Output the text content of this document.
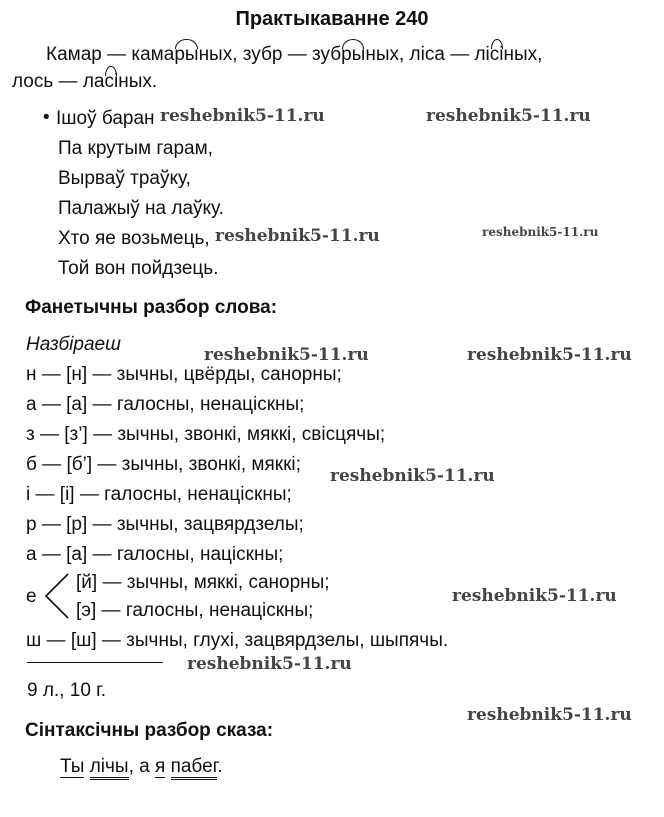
Практыкаванне 240
Камар — камарыных, зубр — зубрыных, ліса — лісіных,
лось — ласіных.
• Ішоў баран
Па крутым гарам,
Вырваў траўку,
Палажыў на лаўку.
Хто яе возьмець,
Той вон пойдзець.
Фанетычны разбор слова:
Назбіраеш
н — [н] — зычны, цвёрды, санорны;
а — [а] — галосны, ненаціскны;
з — [з’] — зычны, звонкі, мяккі, свісцячы;
б — [б’] — зычны, звонкі, мяккі;
і — [і] — галосны, ненаціскны;
р — [р] — зычны, зацвярдзелы;
а — [а] — галосны, націскны;
е
[й] — зычны, мяккі, санорны;
[э] — галосны, ненаціскны;
ш — [ш] — зычны, глухі, зацвярдзелы, шыпячы.
9 л., 10 г.
Сінтаксічны разбор сказа:
Ты лічы, а я пабег.
reshebnik5-11.ru	reshebnik5-11.ru
reshebnik5-11.ru	reshebnik5-11.ru
reshebnik5-11.ru	reshebnik5-11.ru
reshebnik5-11.ru
reshebnik5-11.ru
reshebnik5-11.ru
reshebnik5-11.ru
